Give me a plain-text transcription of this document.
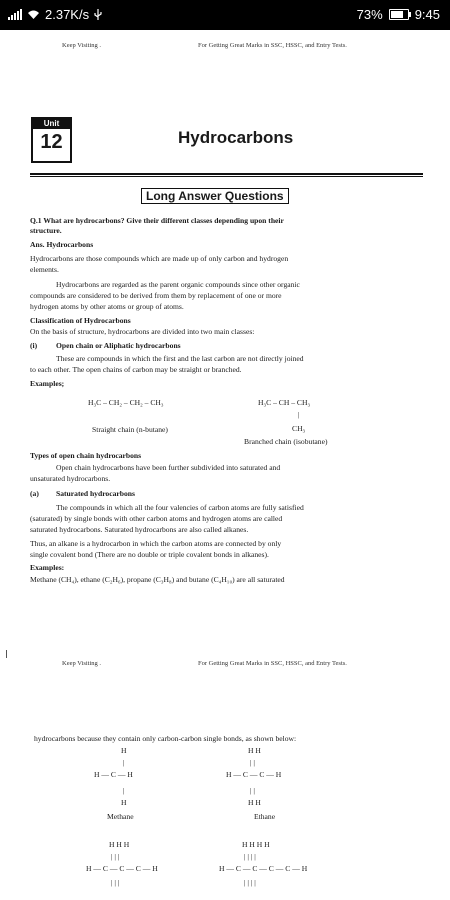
2.37K/s	73% 9:45
Keep Visiting .	For Getting Great Marks in SSC, HSSC, and Entry Tests.
Unit
12	Hydrocarbons
Long Answer Questions
Q.1 What are hydrocarbons? Give their different classes depending upon their
structure.
Ans. Hydrocarbons
Hydrocarbons are those compounds which are made up of only carbon and hydrogen
elements.
Hydrocarbons are regarded as the parent organic compounds since other organic
compounds are considered to be derived from them by replacement of one or more
hydrogen atoms by other atoms or group of atoms.
Classification of Hydrocarbons
On the basis of structure, hydrocarbons are divided into two main classes:
(i) Open chain or Aliphatic hydrocarbons
These are compounds in which the first and the last carbon are not directly joined
to each other. The open chains of carbon may be straight or branched.
Examples;
H₃C – CH₂ – CH₂ – CH₃
Straight chain (n-butane)
H₃C – CH – CH₃
|
CH₃
Branched chain (isobutane)
Types of open chain hydrocarbons
Open chain hydrocarbons have been further subdivided into saturated and
unsaturated hydrocarbons.
(a) Saturated hydrocarbons
The compounds in which all the four valencies of carbon atoms are fully satisfied
(saturated) by single bonds with other carbon atoms and hydrogen atoms are called
saturated hydrocarbons. Saturated hydrocarbons are also called alkanes.
Thus, an alkane is a hydrocarbon in which the carbon atoms are connected by only
single covalent bond (There are no double or triple covalent bonds in alkanes).
Examples:
Methane (CH₄), ethane (C₂H₆), propane (C₃H₈) and butane (C₄H₁₀) are all saturated
Keep Visiting .	For Getting Great Marks in SSC, HSSC, and Entry Tests.
hydrocarbons because they contain only carbon-carbon single bonds, as shown below:
H
|
H — C — H
|
H
Methane
H H
| |
H — C — C — H
| |
H H
Ethane
H H H
| | |
H — C — C — C — H
| | |
H H H H
| | | |
H — C — C — C — C — H
| | | |
